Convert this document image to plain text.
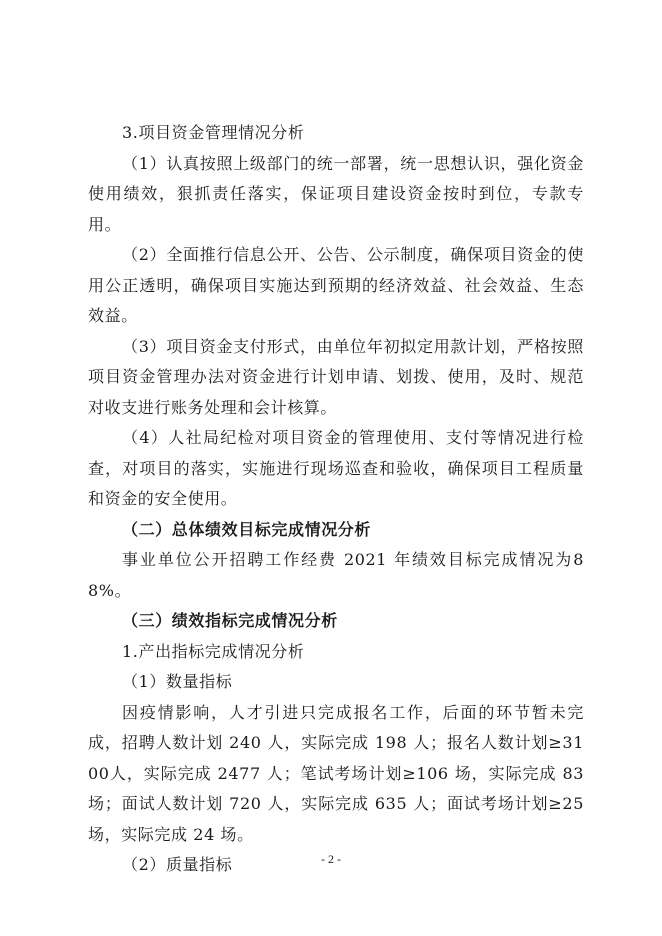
3.项目资金管理情况分析

（1）认真按照上级部门的统一部署，统一思想认识，强化资金使用绩效，狠抓责任落实，保证项目建设资金按时到位，专款专用。

（2）全面推行信息公开、公告、公示制度，确保项目资金的使用公正透明，确保项目实施达到预期的经济效益、社会效益、生态效益。

（3）项目资金支付形式，由单位年初拟定用款计划，严格按照项目资金管理办法对资金进行计划申请、划拨、使用，及时、规范对收支进行账务处理和会计核算。

（4）人社局纪检对项目资金的管理使用、支付等情况进行检查，对项目的落实，实施进行现场巡查和验收，确保项目工程质量和资金的安全使用。

（二）总体绩效目标完成情况分析

事业单位公开招聘工作经费 2021 年绩效目标完成情况为88%。

（三）绩效指标完成情况分析

1.产出指标完成情况分析

（1）数量指标

因疫情影响，人才引进只完成报名工作，后面的环节暂未完成，招聘人数计划 240 人，实际完成 198 人；报名人数计划≥3100人，实际完成 2477 人；笔试考场计划≥106 场，实际完成 83 场；面试人数计划 720 人，实际完成 635 人；面试考场计划≥25 场，实际完成 24 场。

（2）质量指标	- 2 -
